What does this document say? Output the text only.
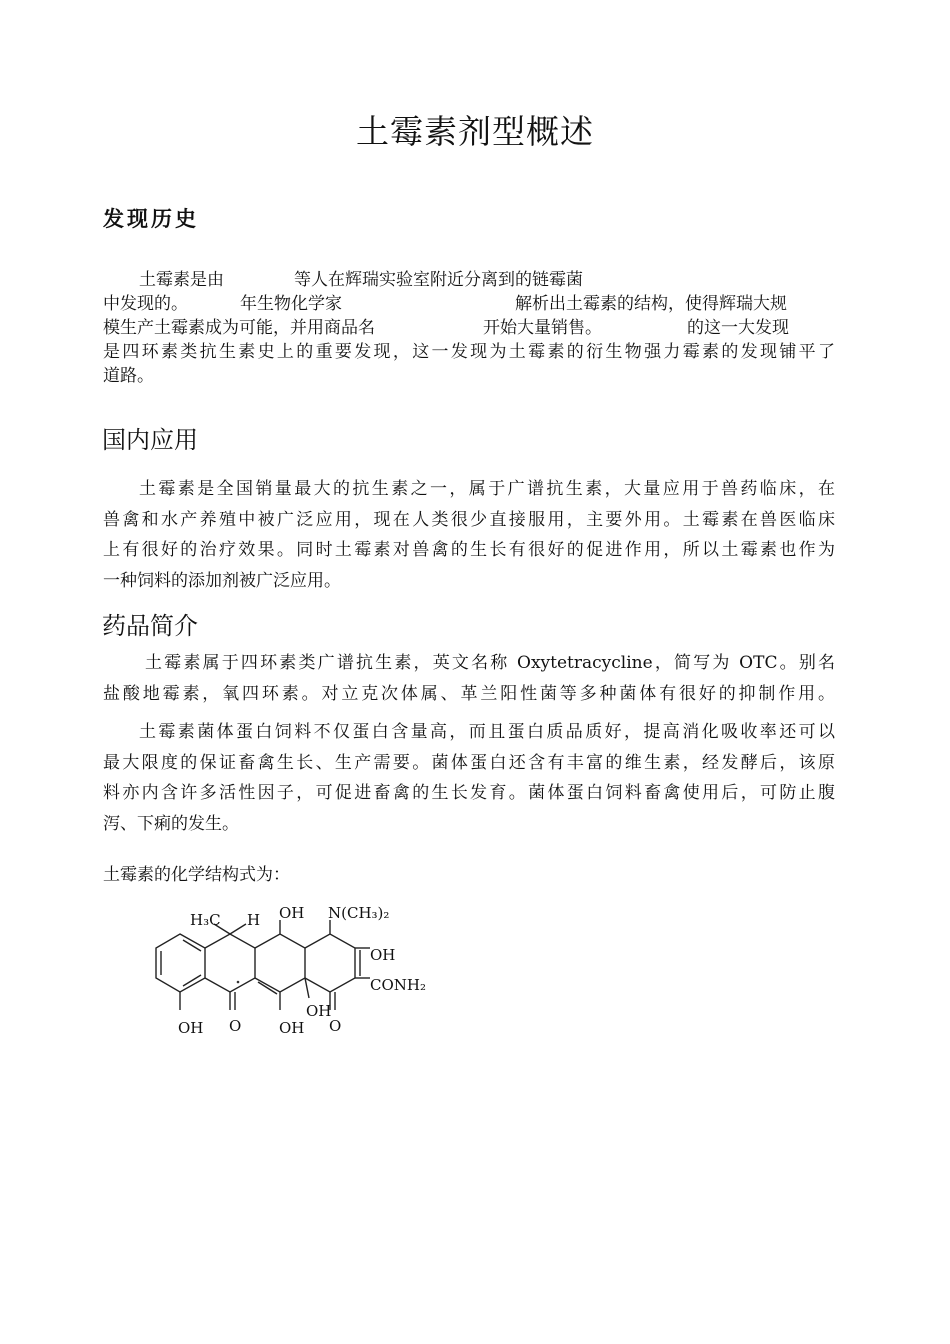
土霉素剂型概述
发现历史
土霉素是由	等人在辉瑞实验室附近分离到的链霉菌
中发现的。	年生物化学家	解析出土霉素的结构，使得辉瑞大规
模生产土霉素成为可能，并用商品名	开始大量销售。	的这一大发现
是四环素类抗生素史上的重要发现，这一发现为土霉素的衍生物强力霉素的发现铺平了
道路。
国内应用
土霉素是全国销量最大的抗生素之一，属于广谱抗生素，大量应用于兽药临床，在
兽禽和水产养殖中被广泛应用，现在人类很少直接服用，主要外用。土霉素在兽医临床
上有很好的治疗效果。同时土霉素对兽禽的生长有很好的促进作用，所以土霉素也作为
一种饲料的添加剂被广泛应用。
药品简介
土霉素属于四环素类广谱抗生素，英文名称 Oxytetracycline，简写为 OTC。别名
盐酸地霉素，氧四环素。对立克次体属、革兰阳性菌等多种菌体有很好的抑制作用。
土霉素菌体蛋白饲料不仅蛋白含量高，而且蛋白质品质好，提高消化吸收率还可以
最大限度的保证畜禽生长、生产需要。菌体蛋白还含有丰富的维生素，经发酵后，该原
料亦内含许多活性因子，可促进畜禽的生长发育。菌体蛋白饲料畜禽使用后，可防止腹
泻、下痢的发生。

土霉素的化学结构式为：

H₃C H OH N(CH₃)₂
OH
CONH₂
OH O
OH
OH O
